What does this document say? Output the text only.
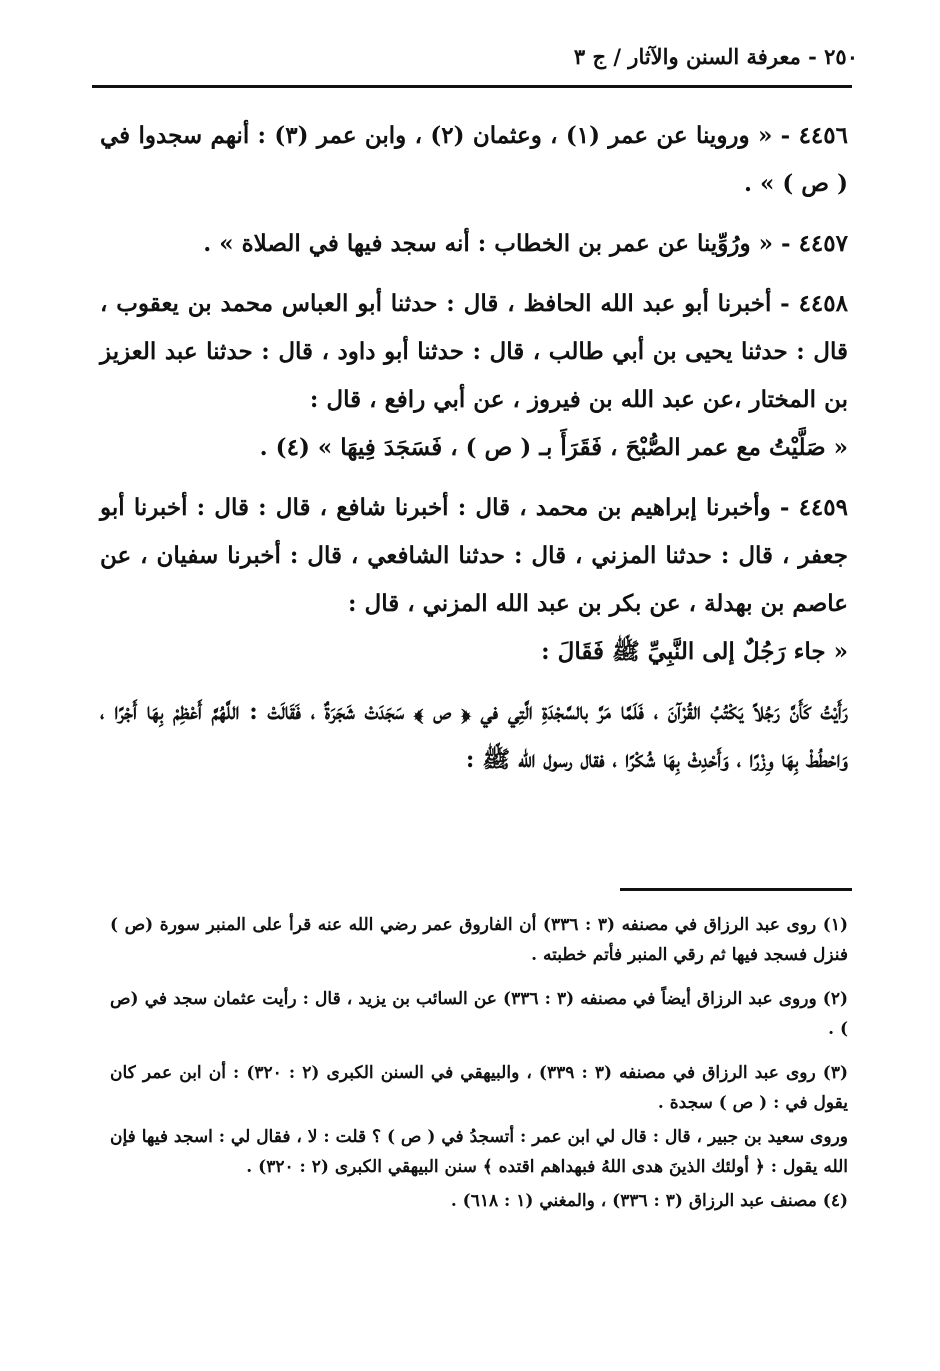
٢٥٠ - معرفة السنن والآثار / ج ٣

٤٤٥٦ - « وروينا عن عمر (١) ، وعثمان (٢) ، وابن عمر (٣) : أنهم سجدوا في ( ص ) » .

٤٤٥٧ - « ورُوِّينا عن عمر بن الخطاب : أنه سجد فيها في الصلاة » .

٤٤٥٨ - أخبرنا أبو عبد الله الحافظ ، قال : حدثنا أبو العباس محمد بن يعقوب ، قال : حدثنا يحيى بن أبي طالب ، قال : حدثنا أبو داود ، قال : حدثنا عبد العزيز بن المختار ،عن عبد الله بن فيروز ، عن أبي رافع ، قال :

« صَلَّيْتُ مع عمر الصُّبْحَ ، فَقَرَأَ بـ ( ص ) ، فَسَجَدَ فِيهَا » (٤) .

٤٤٥٩ - وأخبرنا إبراهيم بن محمد ، قال : أخبرنا شافع ، قال : قال : أخبرنا أبو جعفر ، قال : حدثنا المزني ، قال : حدثنا الشافعي ، قال : أخبرنا سفيان ، عن عاصم بن بهدلة ، عن بكر بن عبد الله المزني ، قال :

« جاء رَجُلٌ إلى النَّبِيِّ ﷺ فَقَالَ :

رَأَيْتُ كَأَنَّ رَجُلاً يَكْتُبُ القُرْآنَ ، فَلَمَّا مَرَّ بالسَّجْدَةِ الَّتِي في ﴿ ص ﴾ سَجَدَتْ شَجَرَةٌ ، فَقَالَتْ : اللَّهُمَّ أَعْظِمْ بِهَا أَجْرًا ، وَاحْطُطْ بِهَا وِزْرًا ، وَأَحْدِثْ بِهَا شُكْرًا ، فقال رسول الله ﷺ :

(١) روى عبد الرزاق في مصنفه (٣ : ٣٣٦) أن الفاروق عمر رضي الله عنه قرأ على المنبر سورة (ص ) فنزل فسجد فيها ثم رقي المنبر فأتم خطبته .

(٢) وروى عبد الرزاق أيضاً في مصنفه (٣ : ٣٣٦) عن السائب بن يزيد ، قال : رأيت عثمان سجد في (ص ) .

(٣) روى عبد الرزاق في مصنفه (٣ : ٣٣٩) ، والبيهقي في السنن الكبرى (٢ : ٣٢٠) : أن ابن عمر كان يقول في : ( ص ) سجدة .

وروى سعيد بن جبير ، قال : قال لي ابن عمر : أتسجدُ في ( ص ) ؟ قلت : لا ، فقال لي : اسجد فيها فإن الله يقول : ﴿ أولئك الذينَ هدى اللهُ فبهداهم اقتده ﴾ سنن البيهقي الكبرى (٢ : ٣٢٠) .

(٤) مصنف عبد الرزاق (٣ : ٣٣٦) ، والمغني (١ : ٦١٨) .
